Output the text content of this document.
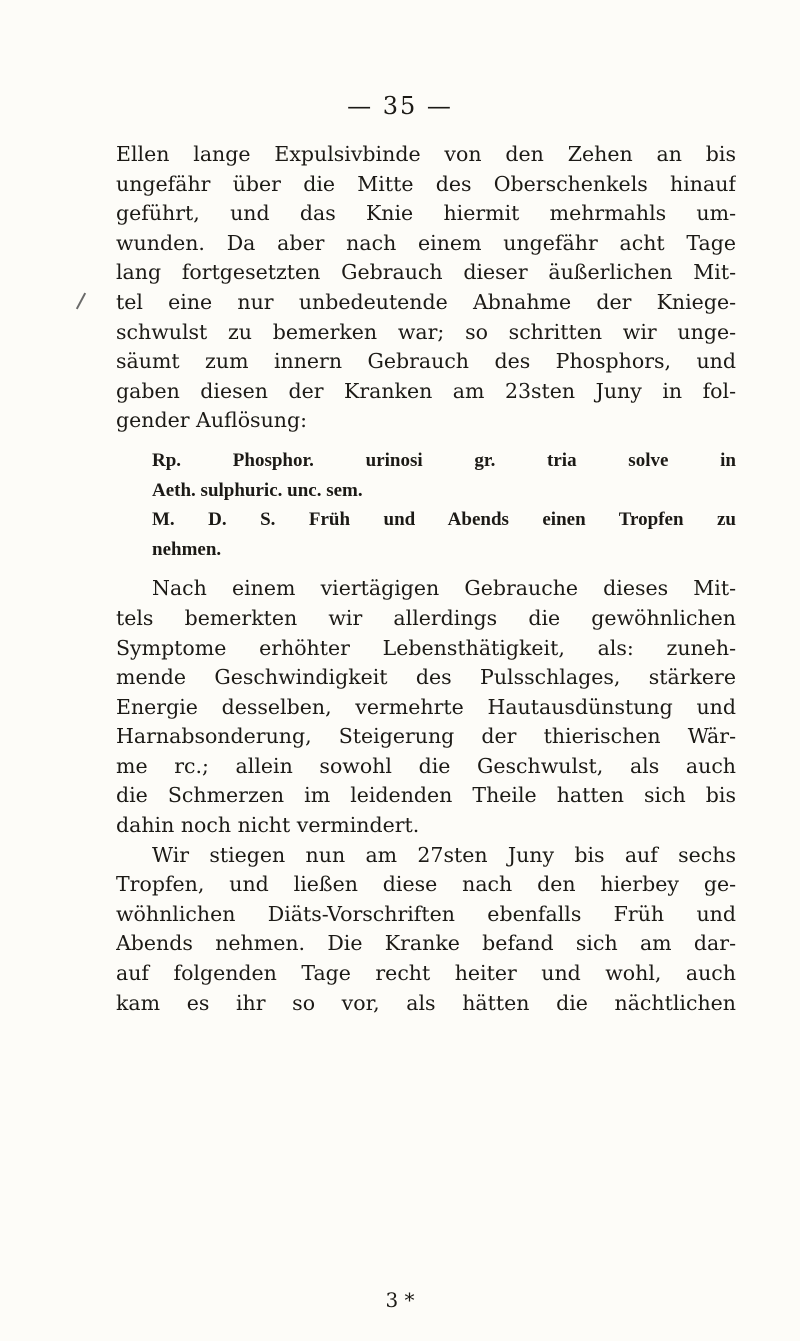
— 35 —
Ellen lange Expulsivbinde von den Zehen an bis
ungefähr über die Mitte des Oberschenkels hinauf
geführt, und das Knie hiermit mehrmahls um-
wunden. Da aber nach einem ungefähr acht Tage
lang fortgesetzten Gebrauch dieser äußerlichen Mit-
tel eine nur unbedeutende Abnahme der Kniege-
schwulst zu bemerken war; so schritten wir unge-
säumt zum innern Gebrauch des Phosphors, und
gaben diesen der Kranken am 23sten Juny in fol-
gender Auflösung:
Rp. Phosphor. urinosi gr. tria solve in
Aeth. sulphuric. unc. sem.
M. D. S. Früh und Abends einen Tropfen zu
nehmen.
Nach einem viertägigen Gebrauche dieses Mit-
tels bemerkten wir allerdings die gewöhnlichen
Symptome erhöhter Lebensthätigkeit, als: zuneh-
mende Geschwindigkeit des Pulsschlages, stärkere
Energie desselben, vermehrte Hautausdünstung und
Harnabsonderung, Steigerung der thierischen Wär-
me rc.; allein sowohl die Geschwulst, als auch
die Schmerzen im leidenden Theile hatten sich bis
dahin noch nicht vermindert.
Wir stiegen nun am 27sten Juny bis auf sechs
Tropfen, und ließen diese nach den hierbey ge-
wöhnlichen Diäts-Vorschriften ebenfalls Früh und
Abends nehmen. Die Kranke befand sich am dar-
auf folgenden Tage recht heiter und wohl, auch
kam es ihr so vor, als hätten die nächtlichen
3 *
